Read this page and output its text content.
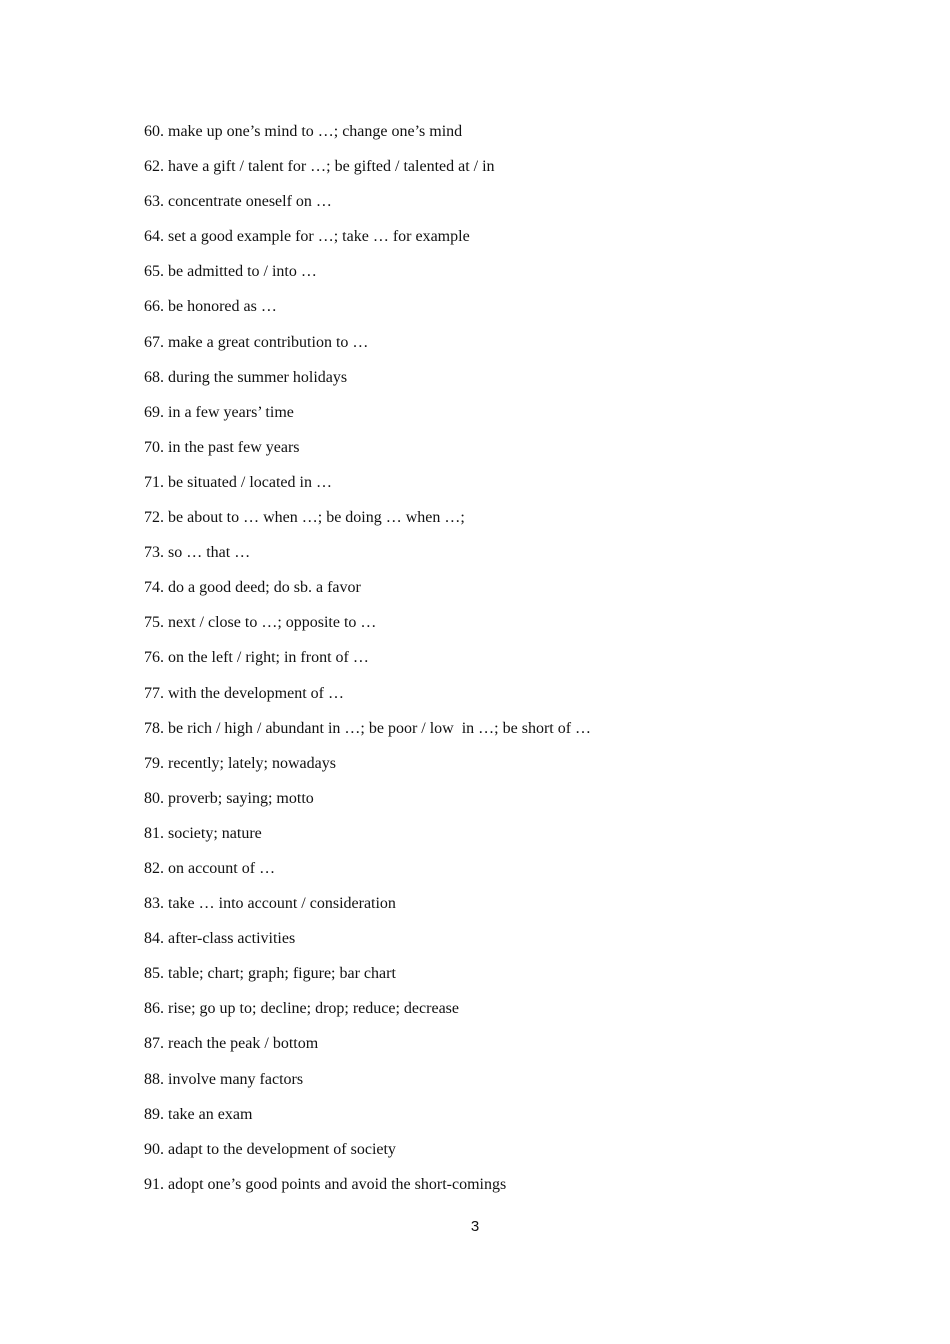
60. make up one’s mind to …; change one’s mind
62. have a gift / talent for …; be gifted / talented at / in
63. concentrate oneself on …
64. set a good example for …; take … for example
65. be admitted to / into …
66. be honored as …
67. make a great contribution to …
68. during the summer holidays
69. in a few years’ time
70. in the past few years
71. be situated / located in …
72. be about to … when …; be doing … when …;
73. so … that …
74. do a good deed; do sb. a favor
75. next / close to …; opposite to …
76. on the left / right; in front of …
77. with the development of …
78. be rich / high / abundant in …; be poor / low  in …; be short of …
79. recently; lately; nowadays
80. proverb; saying; motto
81. society; nature
82. on account of …
83. take … into account / consideration
84. after-class activities
85. table; chart; graph; figure; bar chart
86. rise; go up to; decline; drop; reduce; decrease
87. reach the peak / bottom
88. involve many factors
89. take an exam
90. adapt to the development of society
91. adopt one’s good points and avoid the short-comings
3
